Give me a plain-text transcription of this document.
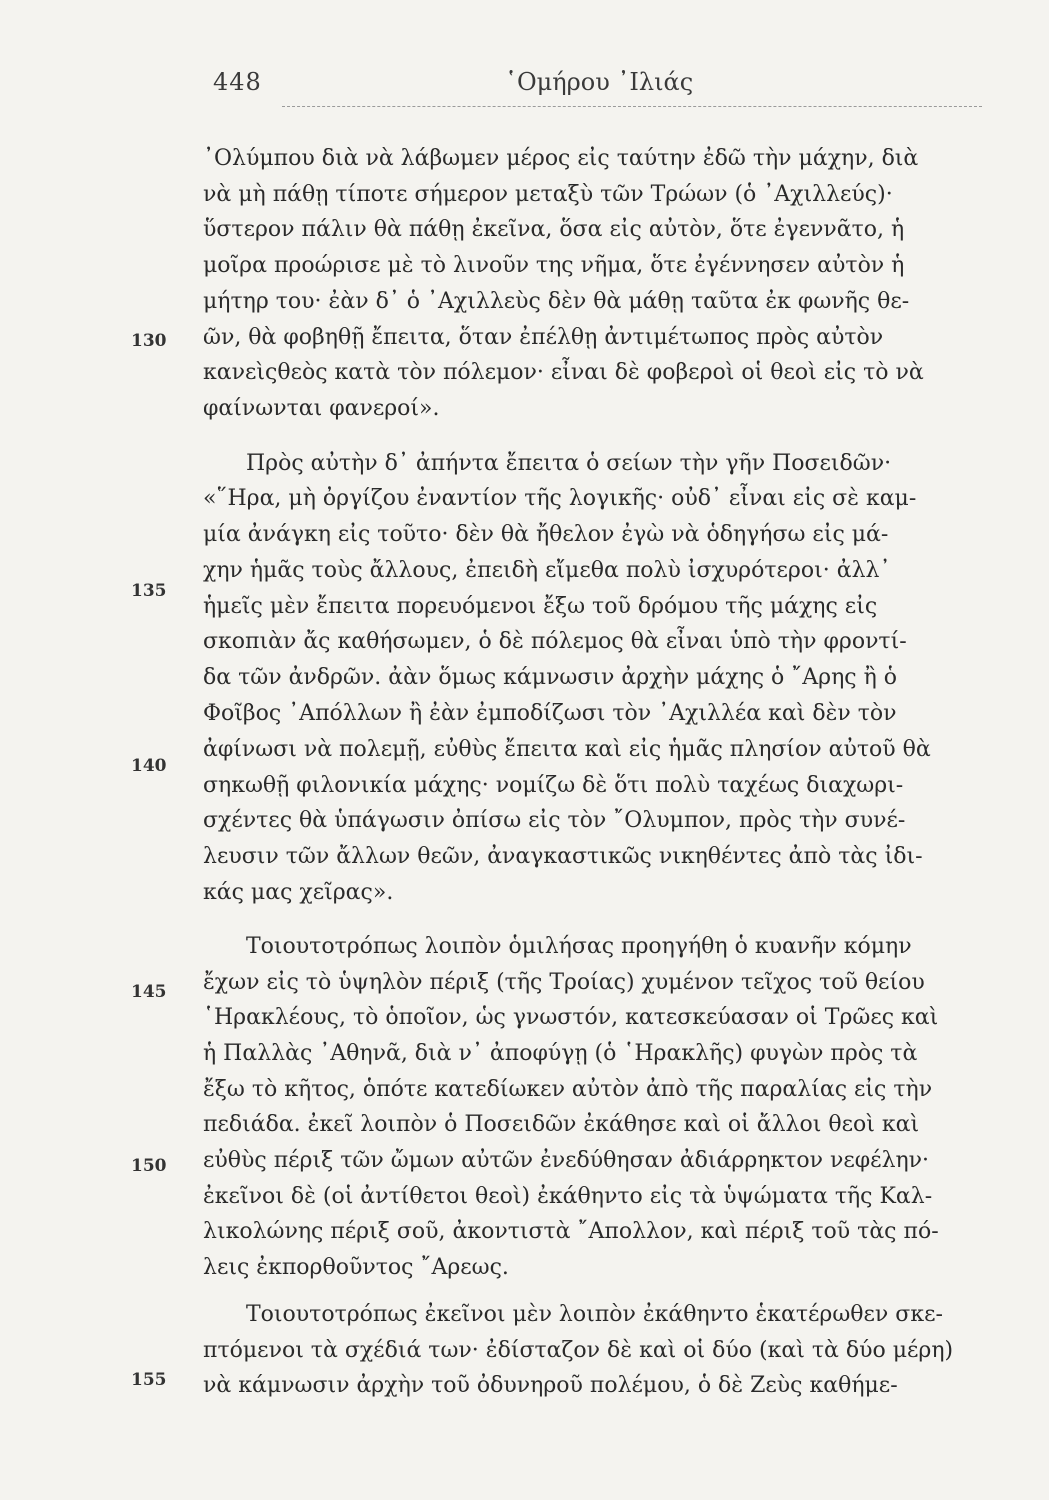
448	῾Ομήρου ᾿Ιλιάς
130
135
140
145
150
155
᾿Ολύμπου διὰ νὰ λάβωμεν μέρος εἰς ταύτην ἐδῶ τὴν μάχην, διὰ
νὰ μὴ πάθῃ τίποτε σήμερον μεταξὺ τῶν Τρώων (ὁ ᾿Αχιλλεύς)·
ὕστερον πάλιν θὰ πάθῃ ἐκεῖνα, ὅσα εἰς αὐτὸν, ὅτε ἐγεννᾶτο, ἡ
μοῖρα προώρισε μὲ τὸ λινοῦν της νῆμα, ὅτε ἐγέννησεν αὐτὸν ἡ
μήτηρ του· ἐὰν δ᾿ ὁ ᾿Αχιλλεὺς δὲν θὰ μάθῃ ταῦτα ἐκ φωνῆς θε-
ῶν, θὰ φοβηθῇ ἔπειτα, ὅταν ἐπέλθῃ ἀντιμέτωπος πρὸς αὐτὸν
κανεὶςθεὸς κατὰ τὸν πόλεμον· εἶναι δὲ φοβεροὶ οἱ θεοὶ εἰς τὸ νὰ
φαίνωνται φανεροί».
Πρὸς αὐτὴν δ᾿ ἀπήντα ἔπειτα ὁ σείων τὴν γῆν Ποσειδῶν·
«῞Ηρα, μὴ ὀργίζου ἐναντίον τῆς λογικῆς· οὐδ᾿ εἶναι εἰς σὲ καμ-
μία ἀνάγκη εἰς τοῦτο· δὲν θὰ ἤθελον ἐγὼ νὰ ὁδηγήσω εἰς μά-
χην ἡμᾶς τοὺς ἄλλους, ἐπειδὴ εἴμεθα πολὺ ἰσχυρότεροι· ἀλλ᾿
ἡμεῖς μὲν ἔπειτα πορευόμενοι ἔξω τοῦ δρόμου τῆς μάχης εἰς
σκοπιὰν ἄς καθήσωμεν, ὁ δὲ πόλεμος θὰ εἶναι ὑπὸ τὴν φροντί-
δα τῶν ἀνδρῶν. ἀὰν ὅμως κάμνωσιν ἀρχὴν μάχης ὁ ῎Αρης ἢ ὁ
Φοῖβος ᾿Απόλλων ἢ ἐὰν ἐμποδίζωσι τὸν ᾿Αχιλλέα καὶ δὲν τὸν
ἀφίνωσι νὰ πολεμῇ, εὐθὺς ἔπειτα καὶ εἰς ἡμᾶς πλησίον αὐτοῦ θὰ
σηκωθῇ φιλονικία μάχης· νομίζω δὲ ὅτι πολὺ ταχέως διαχωρι-
σχέντες θὰ ὑπάγωσιν ὀπίσω εἰς τὸν ῎Ολυμπον, πρὸς τὴν συνέ-
λευσιν τῶν ἄλλων θεῶν, ἀναγκαστικῶς νικηθέντες ἀπὸ τὰς ἰδι-
κάς μας χεῖρας».
Τοιουτοτρόπως λοιπὸν ὁμιλήσας προηγήθη ὁ κυανῆν κόμην
ἔχων εἰς τὸ ὑψηλὸν πέριξ (τῆς Τροίας) χυμένον τεῖχος τοῦ θείου
῾Ηρακλέους, τὸ ὁποῖον, ὡς γνωστόν, κατεσκεύασαν οἱ Τρῶες καὶ
ἡ Παλλὰς ᾿Αθηνᾶ, διὰ ν᾿ ἀποφύγῃ (ὁ ῾Ηρακλῆς) φυγὼν πρὸς τὰ
ἔξω τὸ κῆτος, ὁπότε κατεδίωκεν αὐτὸν ἀπὸ τῆς παραλίας εἰς τὴν
πεδιάδα. ἐκεῖ λοιπὸν ὁ Ποσειδῶν ἐκάθησε καὶ οἱ ἄλλοι θεοὶ καὶ
εὐθὺς πέριξ τῶν ὤμων αὐτῶν ἐνεδύθησαν ἀδιάρρηκτον νεφέλην·
ἐκεῖνοι δὲ (οἱ ἀντίθετοι θεοὶ) ἐκάθηντο εἰς τὰ ὑψώματα τῆς Καλ-
λικολώνης πέριξ σοῦ, ἀκοντιστὰ ῎Απολλον, καὶ πέριξ τοῦ τὰς πό-
λεις ἐκπορθοῦντος ῎Αρεως.
Τοιουτοτρόπως ἐκεῖνοι μὲν λοιπὸν ἐκάθηντο ἑκατέρωθεν σκε-
πτόμενοι τὰ σχέδιά των· ἐδίσταζον δὲ καὶ οἱ δύο (καὶ τὰ δύο μέρη)
νὰ κάμνωσιν ἀρχὴν τοῦ ὀδυνηροῦ πολέμου, ὁ δὲ Ζεὺς καθήμε-
